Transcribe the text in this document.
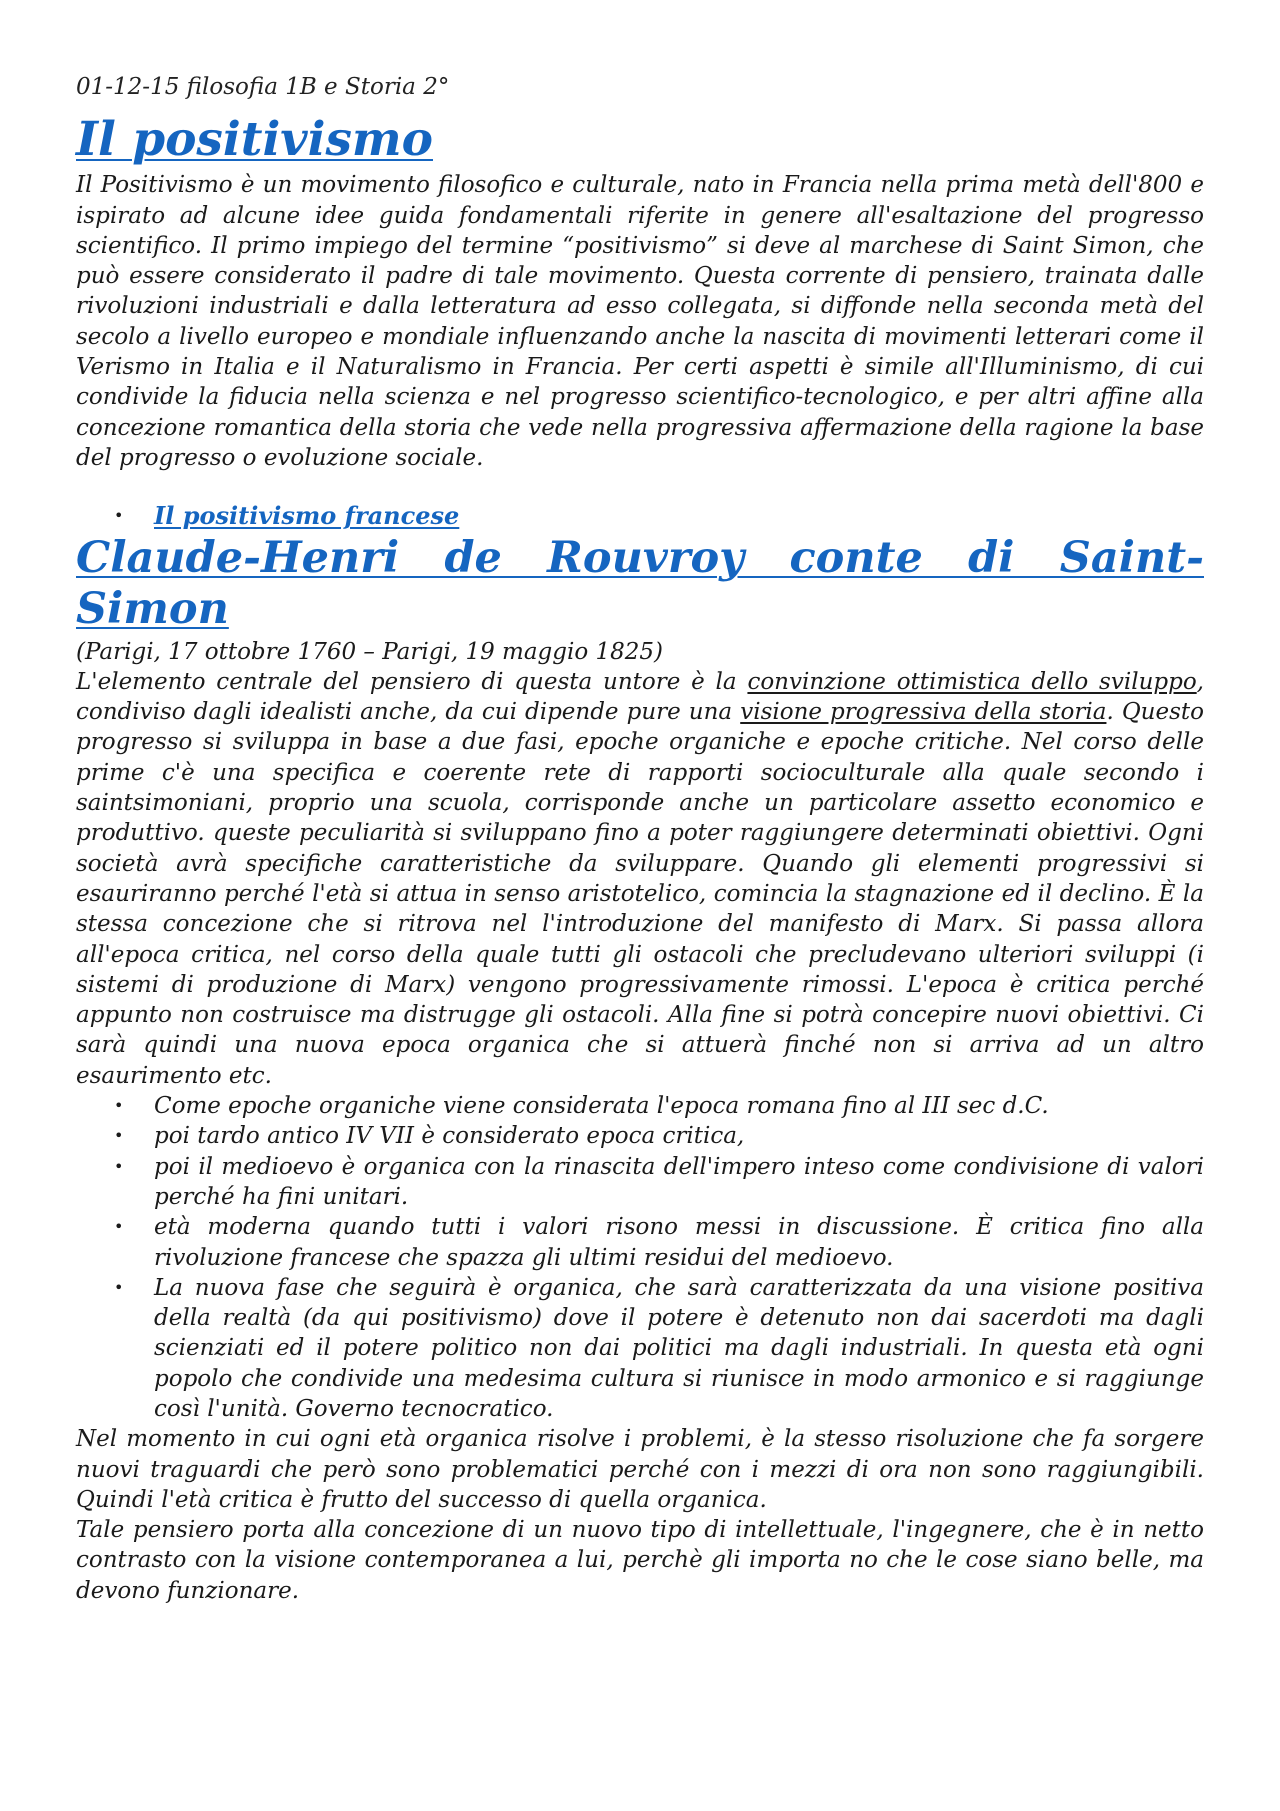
01-12-15 filosofia 1B e Storia 2°
Il positivismo

Il Positivismo è un movimento filosofico e culturale, nato in Francia nella prima metà dell'800 e ispirato ad alcune idee guida fondamentali riferite in genere all'esaltazione del progresso scientifico. Il primo impiego del termine “positivismo” si deve al marchese di Saint Simon, che può essere considerato il padre di tale movimento. Questa corrente di pensiero, trainata dalle rivoluzioni industriali e dalla letteratura ad esso collegata, si diffonde nella seconda metà del secolo a livello europeo e mondiale influenzando anche la nascita di movimenti letterari come il Verismo in Italia e il Naturalismo in Francia. Per certi aspetti è simile all'Illuminismo, di cui condivide la fiducia nella scienza e nel progresso scientifico-tecnologico, e per altri affine alla concezione romantica della storia che vede nella progressiva affermazione della ragione la base del progresso o evoluzione sociale.

• Il positivismo francese
Claude-Henri de Rouvroy conte di Saint-Simon

(Parigi, 17 ottobre 1760 – Parigi, 19 maggio 1825)

L'elemento centrale del pensiero di questa untore è la convinzione ottimistica dello sviluppo, condiviso dagli idealisti anche, da cui dipende pure una visione progressiva della storia. Questo progresso si sviluppa in base a due fasi, epoche organiche e epoche critiche. Nel corso delle prime c'è una specifica e coerente rete di rapporti socioculturale alla quale secondo i saintsimoniani, proprio una scuola, corrisponde anche un particolare assetto economico e produttivo. queste peculiarità si sviluppano fino a poter raggiungere determinati obiettivi. Ogni società avrà specifiche caratteristiche da sviluppare. Quando gli elementi progressivi si esauriranno perché l'età si attua in senso aristotelico, comincia la stagnazione ed il declino. È la stessa concezione che si ritrova nel l'introduzione del manifesto di Marx. Si passa allora all'epoca critica, nel corso della quale tutti gli ostacoli che precludevano ulteriori sviluppi (i sistemi di produzione di Marx) vengono progressivamente rimossi. L'epoca è critica perché appunto non costruisce ma distrugge gli ostacoli. Alla fine si potrà concepire nuovi obiettivi. Ci sarà quindi una nuova epoca organica che si attuerà finché non si arriva ad un altro esaurimento etc.

• Come epoche organiche viene considerata l'epoca romana fino al III sec d.C.
• poi tardo antico IV VII è considerato epoca critica,
• poi il medioevo è organica con la rinascita dell'impero inteso come condivisione di valori perché ha fini unitari.
• età moderna quando tutti i valori risono messi in discussione. È critica fino alla rivoluzione francese che spazza gli ultimi residui del medioevo.
• La nuova fase che seguirà è organica, che sarà caratterizzata da una visione positiva della realtà (da qui positivismo) dove il potere è detenuto non dai sacerdoti ma dagli scienziati ed il potere politico non dai politici ma dagli industriali. In questa età ogni popolo che condivide una medesima cultura si riunisce in modo armonico e si raggiunge così l'unità. Governo tecnocratico.

Nel momento in cui ogni età organica risolve i problemi, è la stesso risoluzione che fa sorgere nuovi traguardi che però sono problematici perché con i mezzi di ora non sono raggiungibili. Quindi l'età critica è frutto del successo di quella organica.

Tale pensiero porta alla concezione di un nuovo tipo di intellettuale, l'ingegnere, che è in netto contrasto con la visione contemporanea a lui, perchè gli importa no che le cose siano belle, ma devono funzionare.
